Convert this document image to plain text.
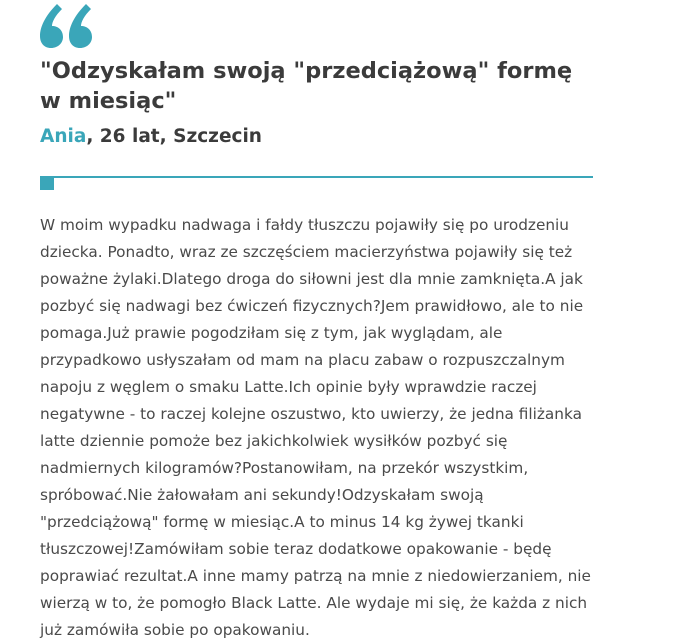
"Odzyskałam swoją "przedciążową" formę w miesiąc"
Ania, 26 lat, Szczecin

W moim wypadku nadwaga i fałdy tłuszczu pojawiły się po urodzeniu dziecka. Ponadto, wraz ze szczęściem macierzyństwa pojawiły się też poważne żylaki.Dlatego droga do siłowni jest dla mnie zamknięta.A jak pozbyć się nadwagi bez ćwiczeń fizycznych?Jem prawidłowo, ale to nie pomaga.Już prawie pogodziłam się z tym, jak wyglądam, ale przypadkowo usłyszałam od mam na placu zabaw o rozpuszczalnym napoju z węglem o smaku Latte.Ich opinie były wprawdzie raczej negatywne - to raczej kolejne oszustwo, kto uwierzy, że jedna filiżanka latte dziennie pomoże bez jakichkolwiek wysiłków pozbyć się nadmiernych kilogramów?Postanowiłam, na przekór wszystkim, spróbować.Nie żałowałam ani sekundy!Odzyskałam swoją "przedciążową" formę w miesiąc.A to minus 14 kg żywej tkanki tłuszczowej!Zamówiłam sobie teraz dodatkowe opakowanie - będę poprawiać rezultat.A inne mamy patrzą na mnie z niedowierzaniem, nie wierzą w to, że pomogło Black Latte. Ale wydaje mi się, że każda z nich już zamówiła sobie po opakowaniu.
